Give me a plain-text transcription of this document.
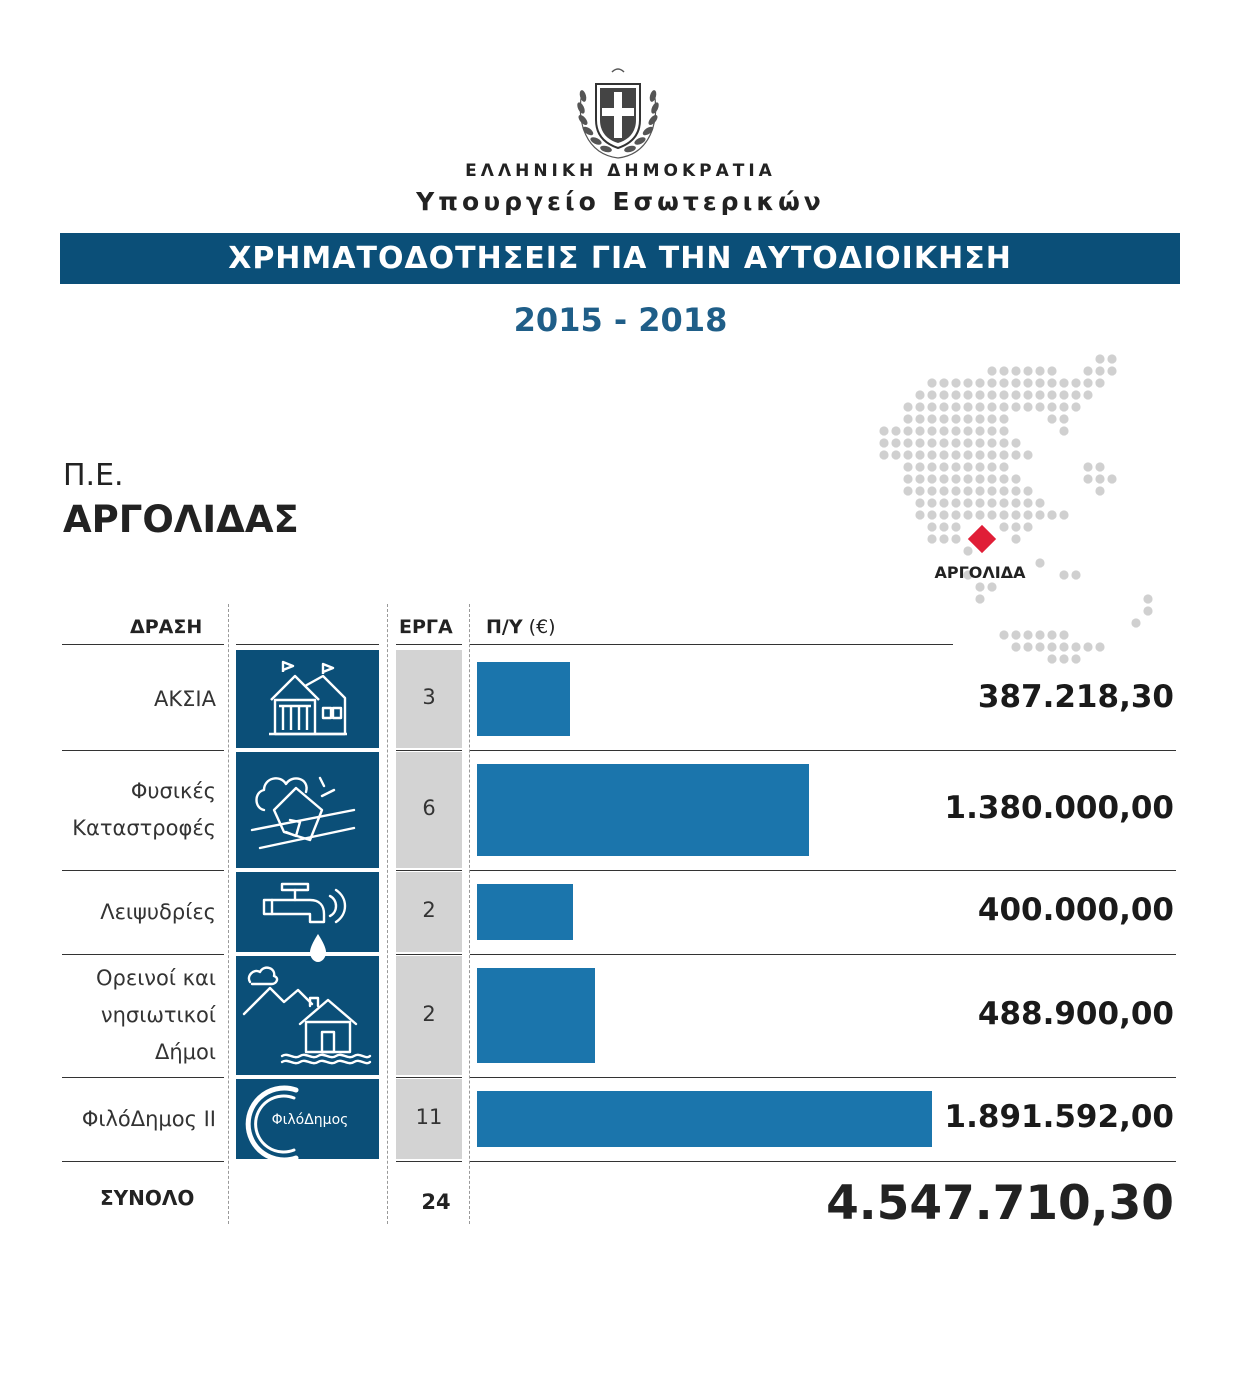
ΕΛΛΗΝΙΚΗ ΔΗΜΟΚΡΑΤΙΑ
Υπουργείο Εσωτερικών
ΧΡΗΜΑΤΟΔΟΤΗΣΕΙΣ ΓΙΑ ΤΗΝ ΑΥΤΟΔΙΟΙΚΗΣΗ
2015 - 2018
Π.Ε.
ΑΡΓΟΛΙΔΑΣ
ΑΡΓΟΛΙΔΑ
ΔΡΑΣΗ	ΕΡΓΑ Π/Υ (€)
ΑΚΣΙΑ	3	387.218,30
Φυσικές
Καταστροφές
6	1.380.000,00
Λειψυδρίες	2	400.000,00
Ορεινοί και
νησιωτικοί
Δήμοι
2	488.900,00
ΦιλόΔημος ΙΙ	11	1.891.592,00
ΦιλόΔημος
ΣΥΝΟΛΟ	24	4.547.710,30
